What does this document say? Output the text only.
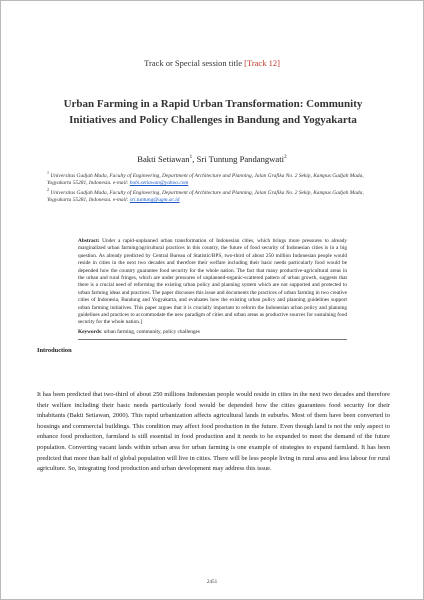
Track or Special session title [Track 12]
Urban Farming in a Rapid Urban Transformation: Community Initiatives and Policy Challenges in Bandung and Yogyakarta
Bakti Setiawan$^1$, Sri Tuntung Pandangwati$^2$
$^1$ Universitas Gadjah Mada, Faculty of Engineering, Department of Architecture and Planning, Jalan Grafika No. 2 Sekip, Kampus Gadjah Mada, Yogyakarta 55281, Indonesia. e-mail: bobi.setiawan@yahoo.com
$^2$ Universitas Gadjah Mada, Faculty of Engineering, Department of Architecture and Planning, Jalan Grafika No. 2 Sekip, Kampus Gadjah Mada, Yogyakarta 55281, Indonesia. e-mail: sri.tuntung@ugm.ac.id
Abstract: Under a rapid-unplanned urban transformation of Indonesian cities, which brings more pressures to already marginalized urban farming/agricultural practices in this country, the future of food security of Indonesian cities is in a big question. As already predicted by Central Bureau of Statistic/BPS, two-third of about 250 million Indonesian people would reside in cities in the next two decades and therefore their welfare including their basic needs particularly food would be depended how the country guarantee food security for the whole nation. The fact that many productive-agricultural areas in the urban and rural fringes, which are under pressures of unplanned-organic-scattered pattern of urban growth, suggests that there is a crucial need of reforming the existing urban policy and planning system which are not supported and protected to urban farming ideas and practices. The paper discusses this issue and documents the practices of urban farming in two creative cities of Indonesia, Bandung and Yogyakarta, and evaluates how the existing urban policy and planning guidelines support urban farming initiatives. This paper argues that it is crucially important to reform the Indonesian urban policy and planning guidelines and practices to accommodate the new paradigm of cities and urban areas as productive sources for sustaining food security for the whole nation.]
Keywords: urban farming, community, policy challenges
Introduction
It has been predicted that two-third of about 250 millions Indonesian people would reside in cities in the next two decades and therefore their welfare including their basic needs particularly food would be depended how the cities guarantees food security for their inhabitants (Bakti Setiawan, 2000). This rapid urbanization affects agricultural lands in suburbs. Most of them have been converted to housings and commercial buildings. This condition may affect food production in the future. Even though land is not the only aspect to enhance food production, farmland is still essential in food production and it needs to be expanded to meet the demand of the future population. Converting vacant lands within urban area for urban farming is one example of strategies to expand farmland. It has been predicted that more than half of global population will live in cities. There will be less people living in rural area and less labour for rural agriculture. So, integrating food production and urban development may address this issue.
2451
